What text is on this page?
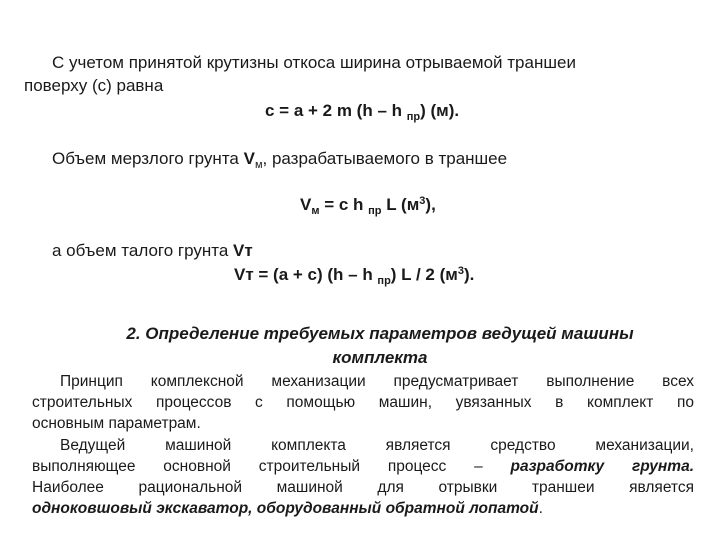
С учетом принятой крутизны откоса ширина отрываемой траншеи
поверху (с) равна
с = а + 2 m (h – h $_{пр}$) (м).
Объем мерзлого грунта $V_м$, разрабатываемого в траншее
$V_м = с$ h $_{пр}$ L $(м^3)$,
а объем талого грунта Vт
Vт = (а + с) (h – h $_{пр}$) L / 2 $(м^3)$.
2. Определение требуемых параметров ведущей машины
комплекта
Принцип комплексной механизации предусматривает выполнение всех
строительных процессов с помощью машин, увязанных в комплект по
основным параметрам.
Ведущей машиной комплекта является средство механизации,
выполняющее основной строительный процесс – разработку грунта.
Наиболее рациональной машиной для отрывки траншеи является
одноковшовый экскаватор, оборудованный обратной лопатой.
